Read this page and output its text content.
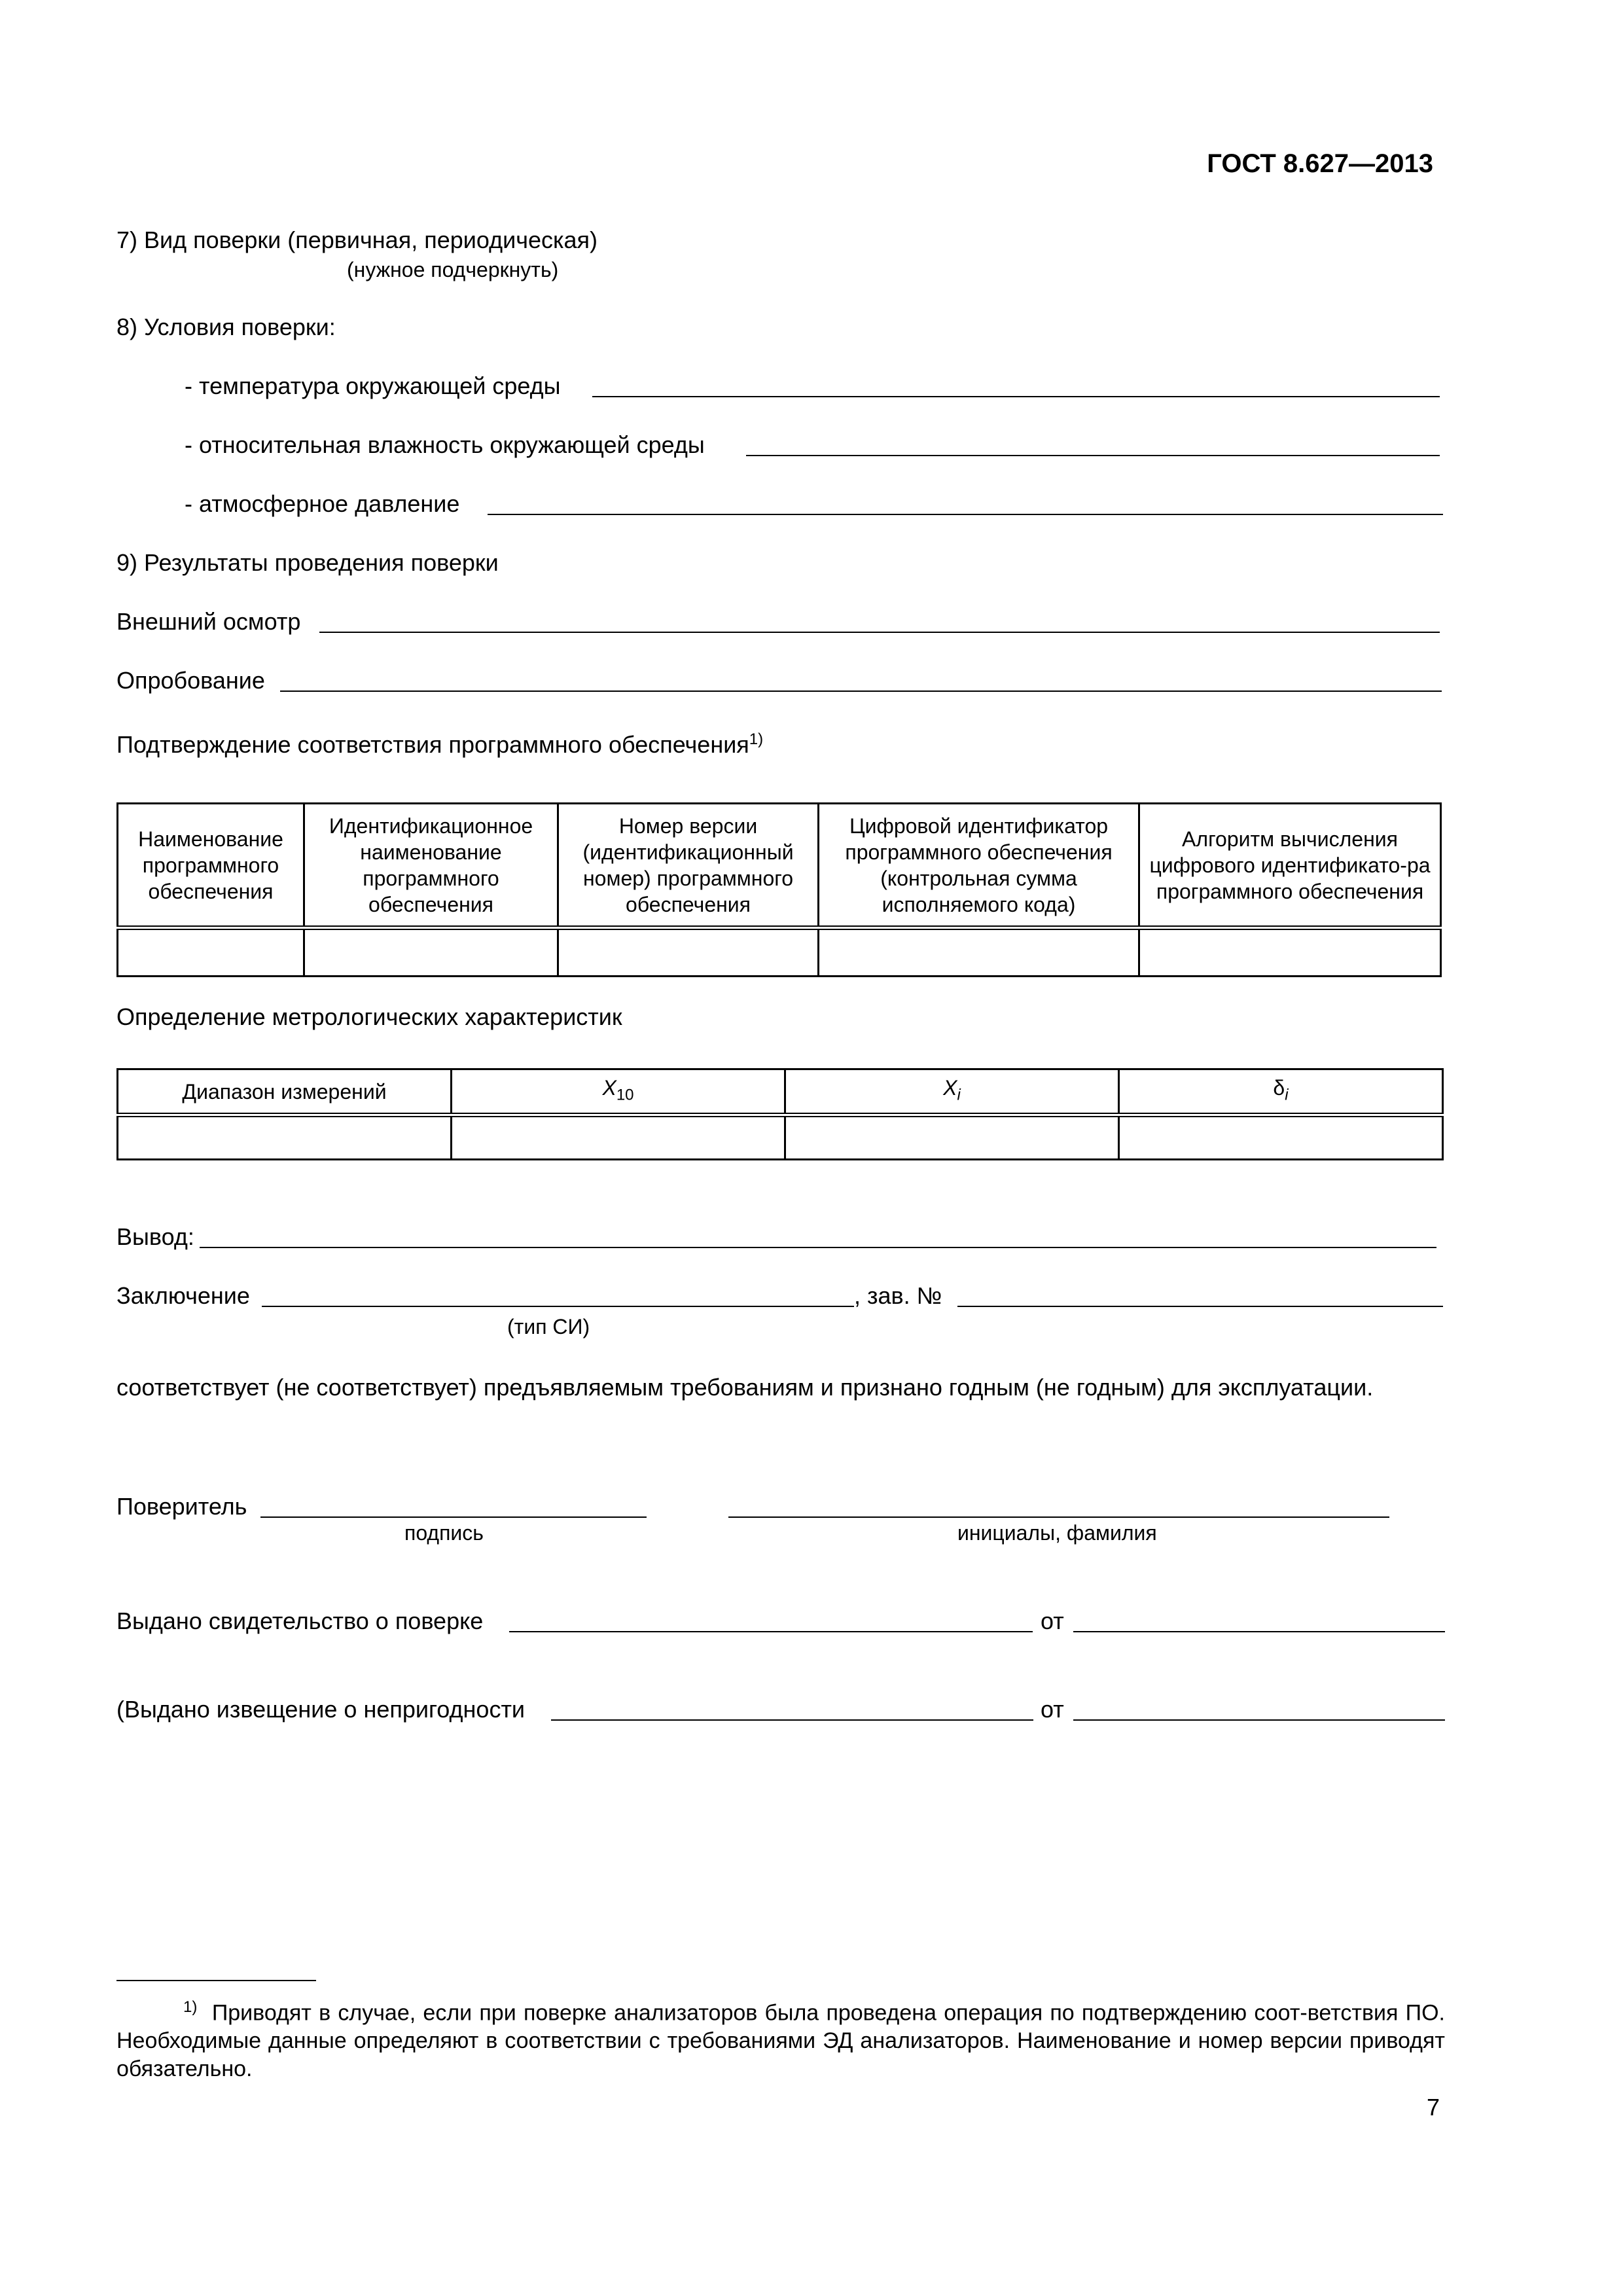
ГОСТ 8.627—2013
7) Вид поверки (первичная, периодическая)
(нужное подчеркнуть)
8) Условия поверки:
- температура окружающей среды
- относительная влажность окружающей среды
- атмосферное давление
9) Результаты проведения поверки
Внешний осмотр
Опробование
Подтверждение соответствия программного обеспечения$^{1)}$
Наименование программного обеспечения	Идентификационное наименование программного обеспечения	Номер версии (идентификационный номер) программного обеспечения	Цифровой идентификатор программного обеспечения (контрольная сумма исполняемого кода)	Алгоритм вычисления цифрового идентификато-ра программного обеспечения

Определение метрологических характеристик
Диапазон измерений	$X_{10}$	$X_i$	$\delta_i$

Вывод:
Заключение	, зав. №
(тип СИ)
соответствует (не соответствует) предъявляемым требованиям и признано годным (не годным) для эксплуатации.
Поверитель
подпись	инициалы, фамилия
Выдано свидетельство о поверке	от
(Выдано извещение о непригодности	от
$^{1)}$ Приводят в случае, если при поверке анализаторов была проведена операция по подтверждению соот-ветствия ПО. Необходимые данные определяют в соответствии с требованиями ЭД анализаторов. Наименование и номер версии приводят обязательно.
7
